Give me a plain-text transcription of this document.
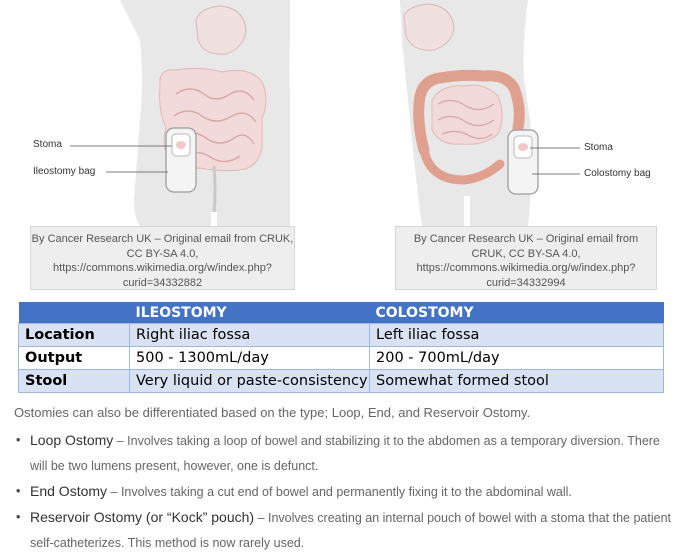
Stoma
Ileostomy bag
By Cancer Research UK – Original email from CRUK,
CC BY-SA 4.0,
https://commons.wikimedia.org/w/index.php?
curid=34332882
Stoma
Colostomy bag
By Cancer Research UK – Original email from
CRUK, CC BY-SA 4.0,
https://commons.wikimedia.org/w/index.php?
curid=34332994
	ILEOSTOMY	COLOSTOMY
Location	Right iliac fossa	Left iliac fossa
Output	500 - 1300mL/day	200 - 700mL/day
Stool	Very liquid or paste-consistency	Somewhat formed stool
Ostomies can also be differentiated based on the type; Loop, End, and Reservoir Ostomy.
• Loop Ostomy – Involves taking a loop of bowel and stabilizing it to the abdomen as a temporary diversion. There will be two lumens present, however, one is defunct.
• End Ostomy – Involves taking a cut end of bowel and permanently fixing it to the abdominal wall.
• Reservoir Ostomy (or “Kock” pouch) – Involves creating an internal pouch of bowel with a stoma that the patient self-catheterizes. This method is now rarely used.
